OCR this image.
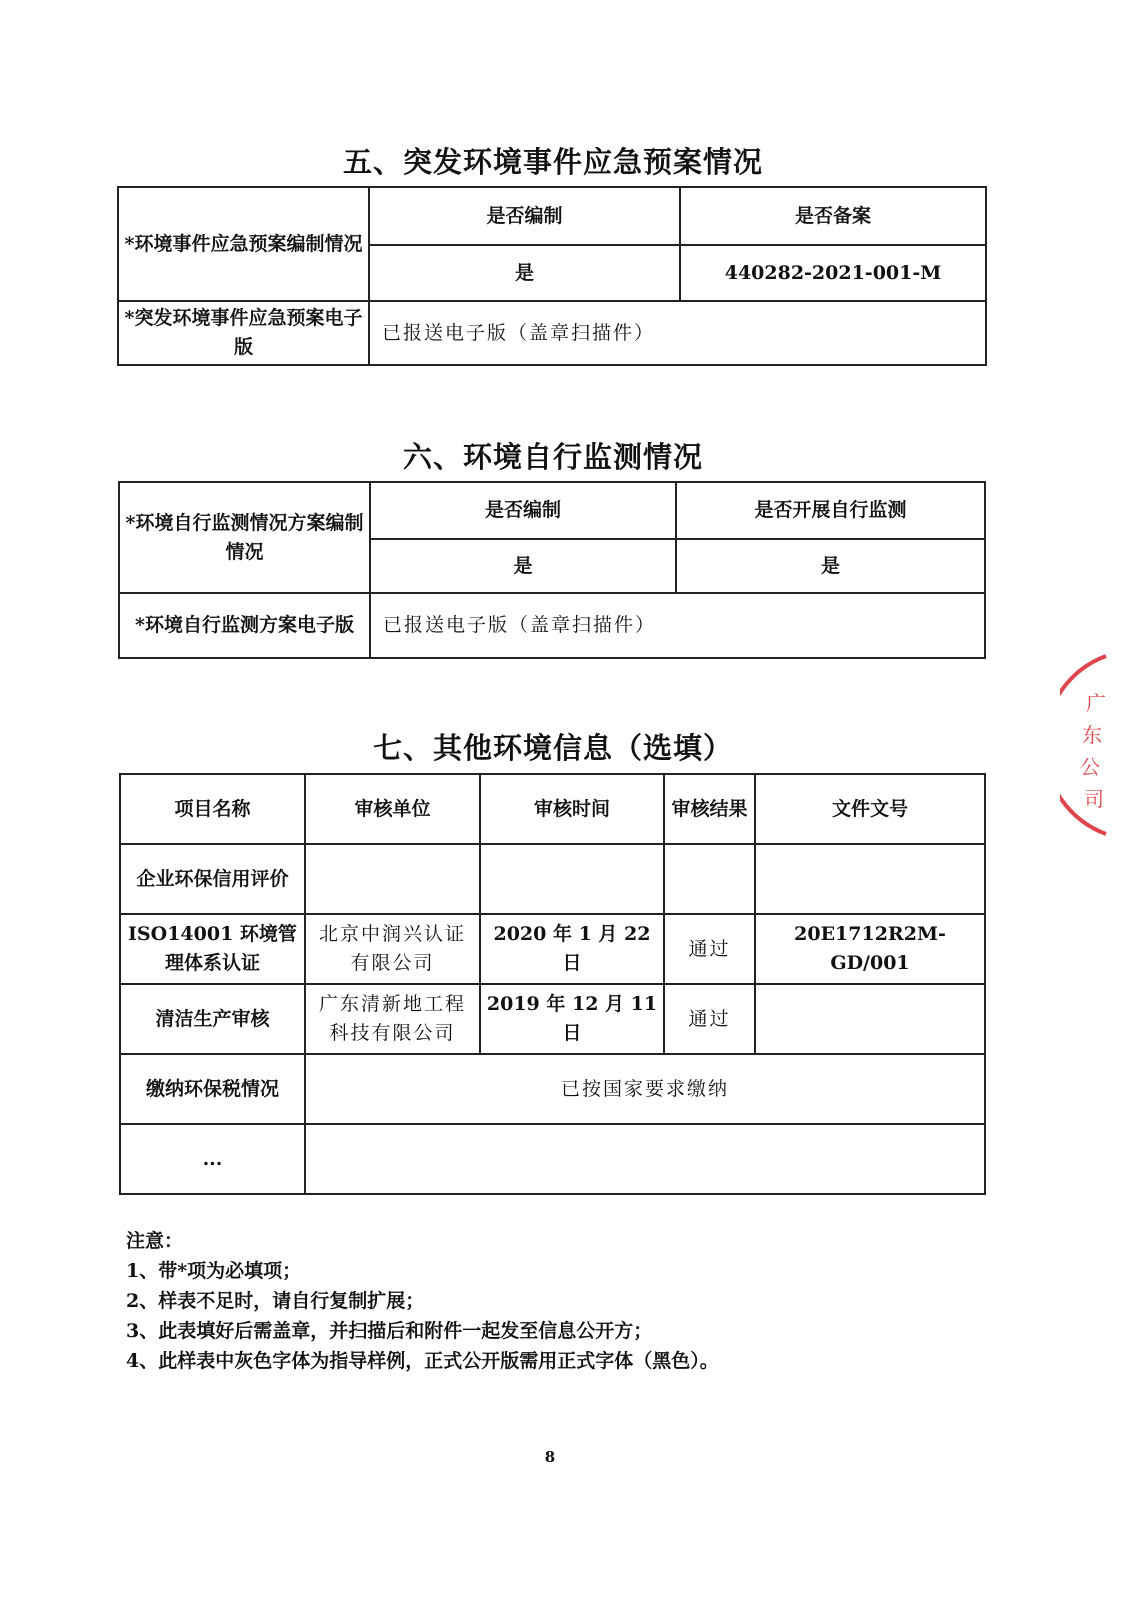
五、突发环境事件应急预案情况
*环境事件应急预案编制情况	是否编制	是否备案
	是	440282-2021-001-M
*突发环境事件应急预案电子版	已报送电子版（盖章扫描件）	
六、环境自行监测情况
*环境自行监测情况方案编制情况	是否编制	是否开展自行监测
	是	是
*环境自行监测方案电子版	已报送电子版（盖章扫描件）	
七、其他环境信息（选填）
项目名称	审核单位	审核时间	审核结果	文件文号
企业环保信用评价				
ISO14001 环境管理体系认证	北京中润兴认证有限公司	2020 年 1 月 22 日	通过	20E1712R2M-GD/001
清洁生产审核	广东清新地工程科技有限公司	2019 年 12 月 11 日	通过	
缴纳环保税情况	已按国家要求缴纳			
...				
注意：
1、带*项为必填项；
2、样表不足时，请自行复制扩展；
3、此表填好后需盖章，并扫描后和附件一起发至信息公开方；
4、此样表中灰色字体为指导样例，正式公开版需用正式字体（黑色）。
8
广
东
公
司
